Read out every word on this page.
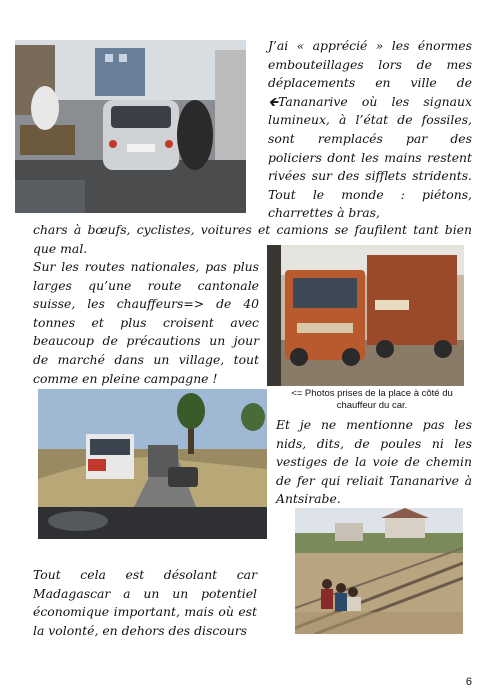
J’ai « apprécié » les énormes embouteillages lors de mes déplacements en ville de 🡸Tananarive où les signaux lumineux, à l’état de fossiles, sont remplacés par des policiers dont les mains restent rivées sur des sifflets stridents. Tout le monde : piétons, charrettes à bras,
chars à bœufs, cyclistes, voitures et camions se faufilent tant bien que mal.
Sur les routes nationales, pas plus larges qu’une route cantonale suisse, les chauffeurs=> de 40 tonnes et plus croisent avec beaucoup de précautions un jour de marché dans un village, tout comme en pleine campagne !
<= Photos prises de la place à côté du chauffeur du car.
Et je ne mentionne pas les nids, dits, de poules ni les vestiges de la voie de chemin de fer qui reliait Tananarive à Antsirabe.
Tout cela est désolant car Madagascar a un un potentiel économique important, mais où est la volonté, en dehors des discours
6
